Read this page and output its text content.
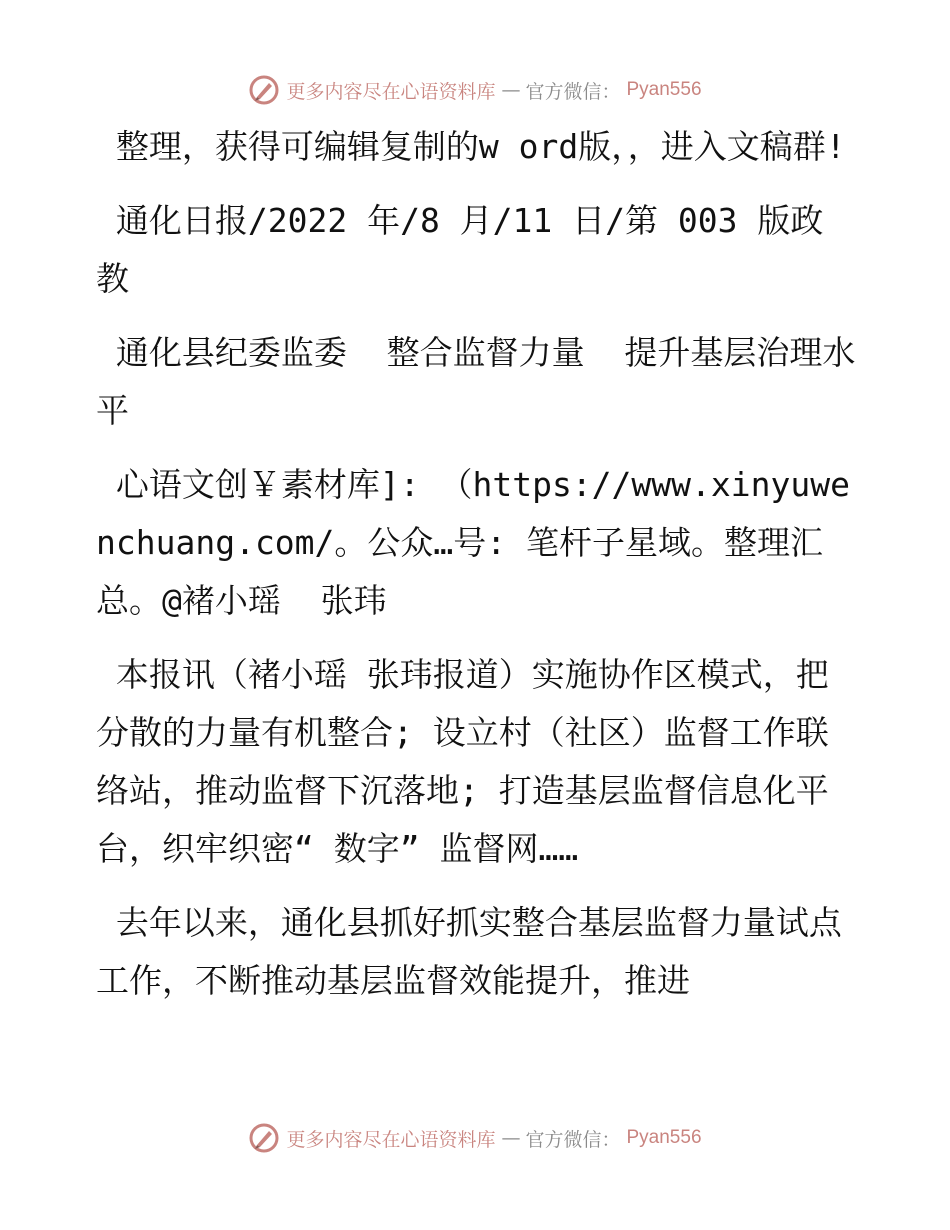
更多内容尽在心语资料库 — 官方微信： Pyan556

整理，获得可编辑复制的w ord版，，进入文稿群!

通化日报/2022 年/8 月/11 日/第 003 版政教

通化县纪委监委  整合监督力量  提升基层治理水平

心语文创￥素材库]: （https://www.xinyuwenchuang.com/。公众…号: 笔杆子星域。整理汇总。@褚小瑶  张玮

本报讯（褚小瑶 张玮报道）实施协作区模式，把分散的力量有机整合; 设立村（社区）监督工作联络站，推动监督下沉落地; 打造基层监督信息化平台，织牢织密“ 数字” 监督网……

去年以来，通化县抓好抓实整合基层监督力量试点工作，不断推动基层监督效能提升，推进

更多内容尽在心语资料库 — 官方微信： Pyan556
